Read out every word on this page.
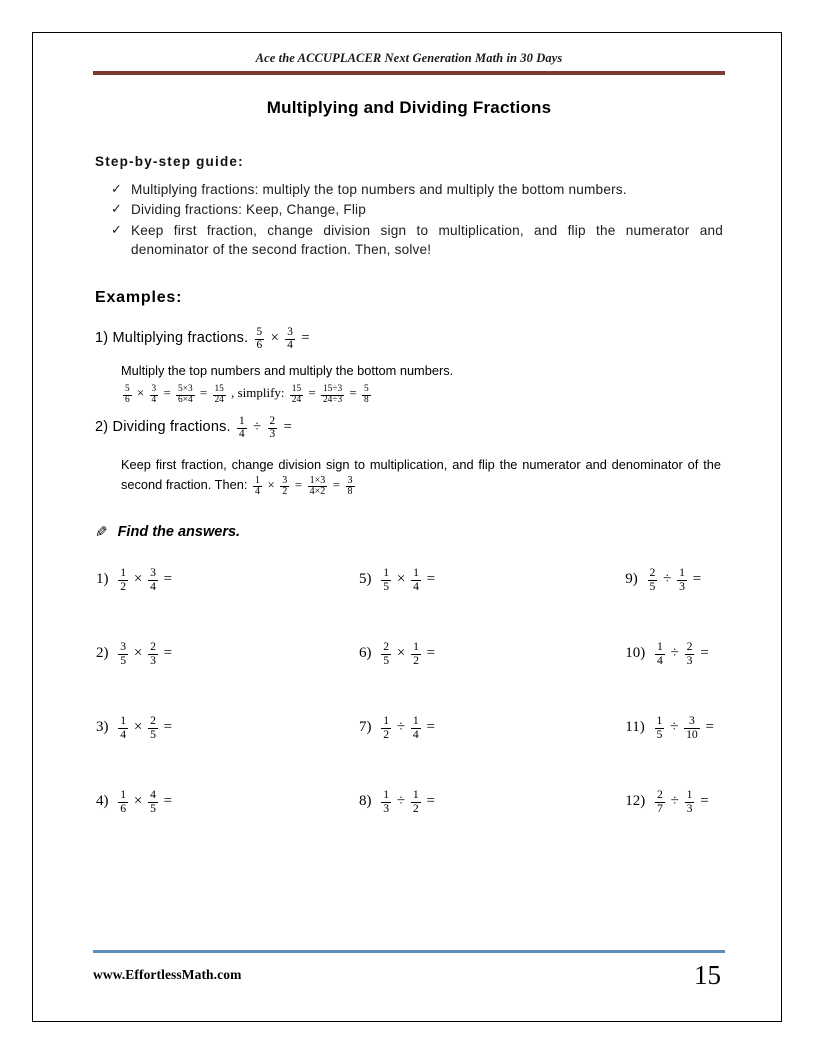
Ace the ACCUPLACER Next Generation Math in 30 Days
Multiplying and Dividing Fractions
Step-by-step guide:
✓ Multiplying fractions: multiply the top numbers and multiply the bottom numbers.
✓ Dividing fractions: Keep, Change, Flip
✓ Keep first fraction, change division sign to multiplication, and flip the numerator and denominator of the second fraction. Then, solve!
Examples:
1) Multiplying fractions. $\frac{5}{6} \times \frac{3}{4}$ =
Multiply the top numbers and multiply the bottom numbers.
$\frac{5}{6} \times \frac{3}{4} = \frac{5\times 3}{6\times 4} = \frac{15}{24}$ , simplify: $\frac{15}{24} = \frac{15\div 3}{24\div 3} = \frac{5}{8}$
2) Dividing fractions. $\frac{1}{4} \div \frac{2}{3}$ =
Keep first fraction, change division sign to multiplication, and flip the numerator and denominator of the second fraction. Then: $\frac{1}{4} \times \frac{3}{2} = \frac{1\times 3}{4\times 2} = \frac{3}{8}$
✎ Find the answers.
$1) \frac{1}{2} \times \frac{3}{4}$ =	$5) \frac{1}{5} \times \frac{1}{4}$ =	$9) \frac{2}{5} \div \frac{1}{3}$ =
$2) \frac{3}{5} \times \frac{2}{3}$ =	$6) \frac{2}{5} \times \frac{1}{2}$ =	$10) \frac{1}{4} \div \frac{2}{3}$ =
$3) \frac{1}{4} \times \frac{2}{5}$ =	$7) \frac{1}{2} \div \frac{1}{4}$ =	$11) \frac{1}{5} \div \frac{3}{10}$ =
$4) \frac{1}{6} \times \frac{4}{5}$ =	$8) \frac{1}{3} \div \frac{1}{2}$ =	$12) \frac{2}{7} \div \frac{1}{3}$ =
www.EffortlessMath.com	15
